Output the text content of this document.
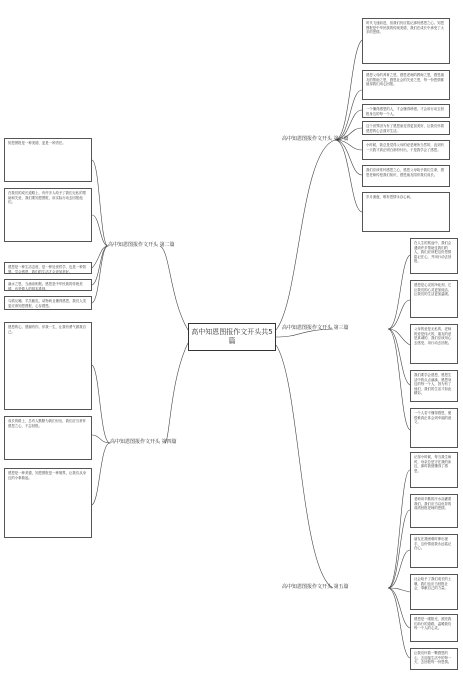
高中知恩图报作文开头共5篇
高中知恩图报作文开头 第一篇
高中知恩图报作文开头 第二篇
高中知恩图报作文开头 第三篇
高中知恩图报作文开头 第四篇
高中知恩图报作文开头 第五篇
时代飞速前进，但我们仍应铭记那份感恩之心。知恩图报是中华民族的传统美德，我们在成长中承受了太多的恩情。
感恩父母的养育之恩，感恩老师的教诲之恩，感恩朋友的帮助之恩，感恩社会的关爱之恩，每一份恩情都值得我们用心回报。
一个懂得感恩的人，才会懂得珍惜，才会用行动去回报身边的每一个人。
这个世界因为有了感恩而变得更加美好，让我们怀着感恩的心去面对生活。
小时候，我总是觉得父母的爱是理所当然的，直到有一天我才真正明白那份付出，于是我学会了感恩。
我们应该常怀感恩之心，感恩父母给予我们生命，感恩老师传授我们知识，感恩朋友陪伴我们成长。
岁月流逝，唯有恩情永存心间。
知恩图报是一种美德，更是一种责任。
在我们的成长道路上，有许多人给予了我们无私的帮助和关爱，我们要知恩图报，用实际行动去回报他们。
感恩是一种生活态度，是一种处世哲学，也是一种智慧。学会感恩，我们的生活才会更加美好。
滴水之恩，当涌泉相报。感恩是中华民族的传统美德，也是做人的基本准则。
乌鸦反哺，羊羔跪乳，动物尚且懂得感恩，我们人类更应该知恩图报，心存感恩。
在人生的旅途中，我们会遇到许多帮助过我们的人，我们应该把这份恩情铭记在心，并用行动去回报。
感恩是心灵的净化剂，它让我们的心灵更加纯洁，让我们的生活更加温暖。
父母的爱是无私的，老师的爱是伟大的，朋友的爱是真诚的，我们应该用心去感受、用行动去回报。
我们要学会感恩，感恩生活中的点点滴滴，感恩身边的每一个人，因为有了他们，我们的生活才如此精彩。
一个人若不懂得感恩，便很难真正体会到幸福的意义。
感恩的心，感谢有你，伴我一生，让我有勇气做我自己。
成长的路上，总有人默默为我们付出，我们应当常怀感恩之心，不忘回报。
感恩是一种美德，知恩图报是一种境界，让我们从身边的小事做起。
记得小时候，每当我生病时，母亲总是守在我的床边，那时我便懂得了感恩。
老师用辛勤的汗水浇灌着我们，我们应当以优异的成绩回报老师的恩情。
朋友在我困难时伸出援手，这份情谊我永远铭记在心。
社会给予了我们成长的土壤，我们也应当回报社会，奉献自己的力量。
感恩是一缕阳光，照亮我们前行的道路，温暖我们每一个人的心灵。
让我们怀着一颗感恩的心，去迎接生活中的每一天，去回报每一份恩情。
